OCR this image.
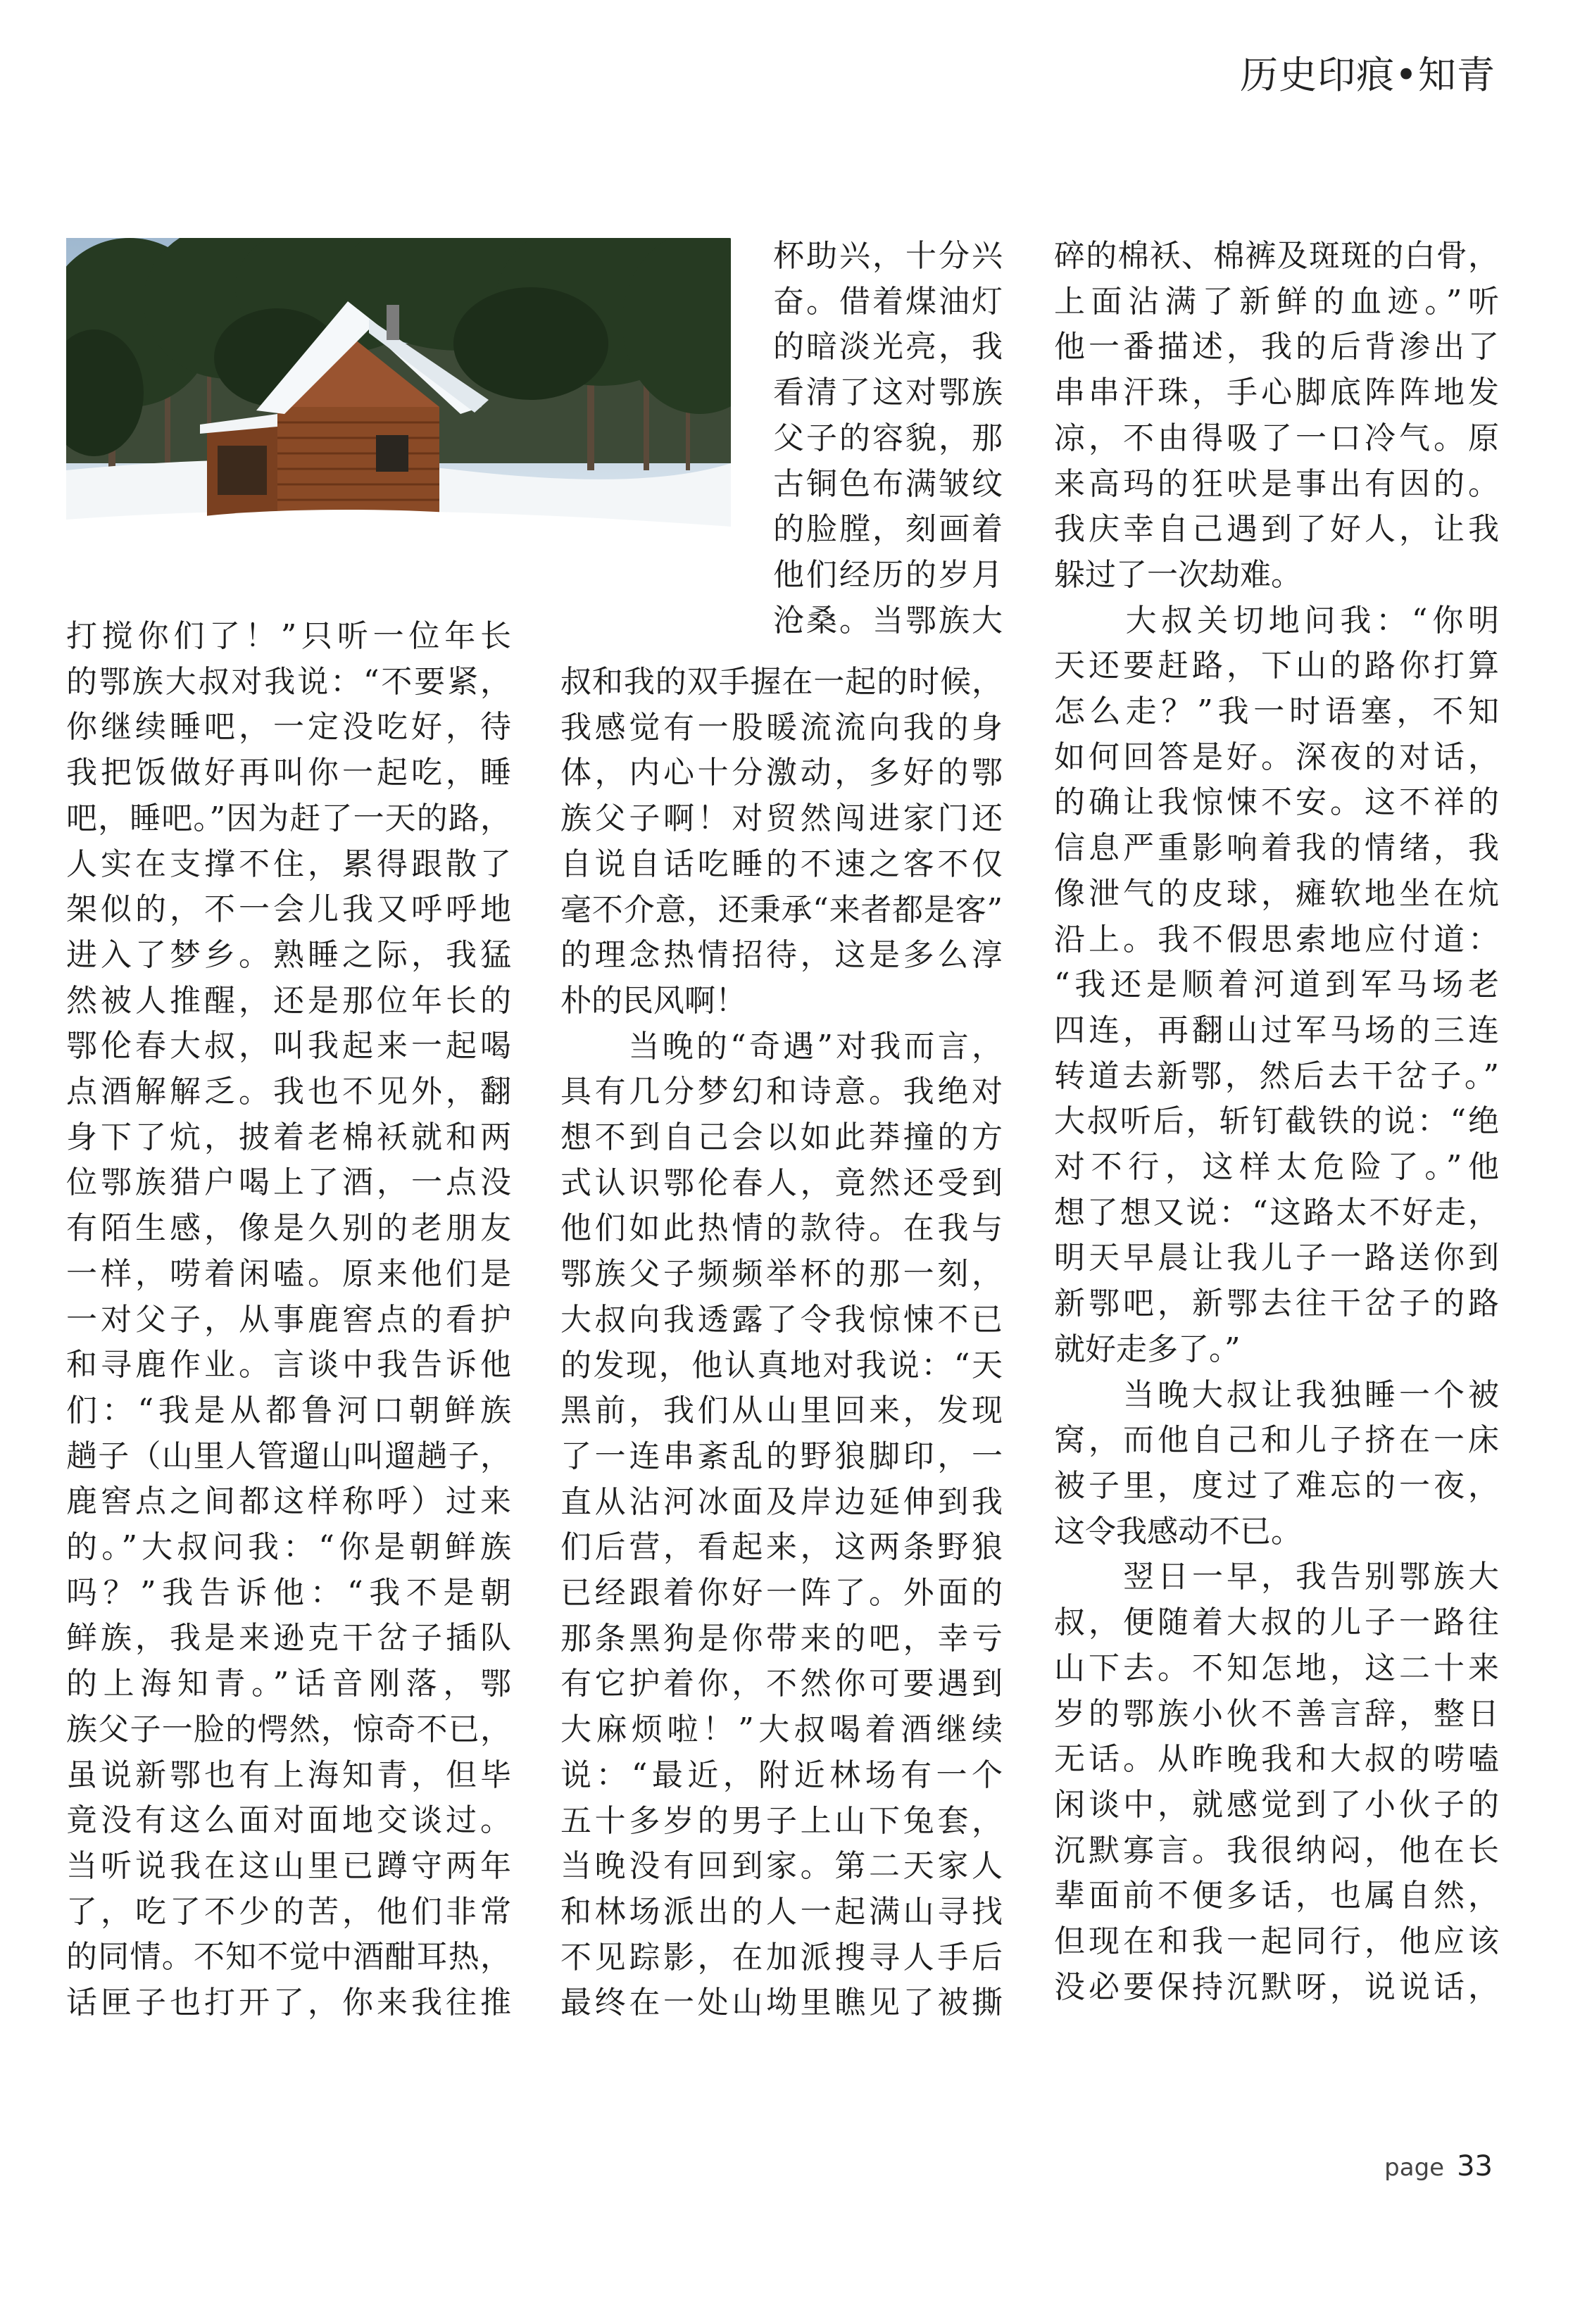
历史印痕•知青

打搅你们了！”只听一位年长

的鄂族大叔对我说：“不要紧，

你继续睡吧，一定没吃好，待

我把饭做好再叫你一起吃，睡

吧，睡吧。”因为赶了一天的路，

人实在支撑不住，累得跟散了

架似的，不一会儿我又呼呼地

进入了梦乡。熟睡之际，我猛

然被人推醒，还是那位年长的

鄂伦春大叔，叫我起来一起喝

点酒解解乏。我也不见外，翻

身下了炕，披着老棉袄就和两

位鄂族猎户喝上了酒，一点没

有陌生感，像是久别的老朋友

一样，唠着闲嗑。原来他们是

一对父子，从事鹿窖点的看护

和寻鹿作业。言谈中我告诉他

们：“我是从都鲁河口朝鲜族

趟子（山里人管遛山叫遛趟子，

鹿窖点之间都这样称呼）过来

的。”大叔问我：“你是朝鲜族

吗？”我告诉他：“我不是朝

鲜族，我是来逊克干岔子插队

的上海知青。”话音刚落，鄂

族父子一脸的愕然，惊奇不已，

虽说新鄂也有上海知青，但毕

竟没有这么面对面地交谈过。

当听说我在这山里已蹲守两年

了，吃了不少的苦，他们非常

的同情。不知不觉中酒酣耳热，

话匣子也打开了，你来我往推

杯助兴，十分兴

奋。借着煤油灯

的暗淡光亮，我

看清了这对鄂族

父子的容貌，那

古铜色布满皱纹

的脸膛，刻画着

他们经历的岁月

沧桑。当鄂族大

叔和我的双手握在一起的时候，

我感觉有一股暖流流向我的身

体，内心十分激动，多好的鄂

族父子啊！对贸然闯进家门还

自说自话吃睡的不速之客不仅

毫不介意，还秉承“来者都是客”

的理念热情招待，这是多么淳

朴的民风啊！

　　当晚的“奇遇”对我而言，

具有几分梦幻和诗意。我绝对

想不到自己会以如此莽撞的方

式认识鄂伦春人，竟然还受到

他们如此热情的款待。在我与

鄂族父子频频举杯的那一刻，

大叔向我透露了令我惊悚不已

的发现，他认真地对我说：“天

黑前，我们从山里回来，发现

了一连串紊乱的野狼脚印，一

直从沾河冰面及岸边延伸到我

们后营，看起来，这两条野狼

已经跟着你好一阵了。外面的

那条黑狗是你带来的吧，幸亏

有它护着你，不然你可要遇到

大麻烦啦！”大叔喝着酒继续

说：“最近，附近林场有一个

五十多岁的男子上山下兔套，

当晚没有回到家。第二天家人

和林场派出的人一起满山寻找

不见踪影，在加派搜寻人手后

最终在一处山坳里瞧见了被撕

碎的棉袄、棉裤及斑斑的白骨，

上面沾满了新鲜的血迹。”听

他一番描述，我的后背渗出了

串串汗珠，手心脚底阵阵地发

凉，不由得吸了一口冷气。原

来高玛的狂吠是事出有因的。

我庆幸自己遇到了好人，让我

躲过了一次劫难。

　　大叔关切地问我：“你明

天还要赶路，下山的路你打算

怎么走？”我一时语塞，不知

如何回答是好。深夜的对话，

的确让我惊悚不安。这不祥的

信息严重影响着我的情绪，我

像泄气的皮球，瘫软地坐在炕

沿上。我不假思索地应付道：

“我还是顺着河道到军马场老

四连，再翻山过军马场的三连

转道去新鄂，然后去干岔子。”

大叔听后，斩钉截铁的说：“绝

对不行，这样太危险了。”他

想了想又说：“这路太不好走，

明天早晨让我儿子一路送你到

新鄂吧，新鄂去往干岔子的路

就好走多了。”

　　当晚大叔让我独睡一个被

窝，而他自己和儿子挤在一床

被子里，度过了难忘的一夜，

这令我感动不已。

　　翌日一早，我告别鄂族大

叔，便随着大叔的儿子一路往

山下去。不知怎地，这二十来

岁的鄂族小伙不善言辞，整日

无话。从昨晚我和大叔的唠嗑

闲谈中，就感觉到了小伙子的

沉默寡言。我很纳闷，他在长

辈面前不便多话，也属自然，

但现在和我一起同行，他应该

没必要保持沉默呀，说说话，

page 33
